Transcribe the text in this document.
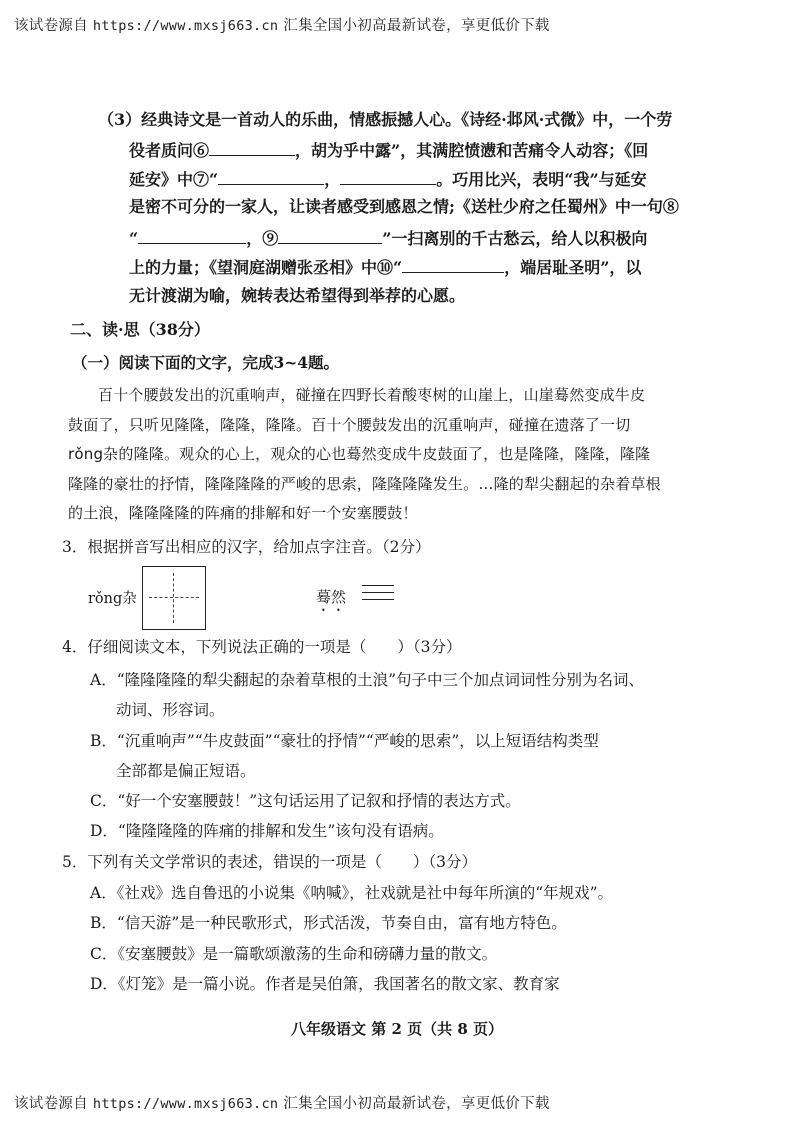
该试卷源自 https://www.mxsj663.cn 汇集全国小初高最新试卷，享更低价下载
（3）经典诗文是一首动人的乐曲，情感振撼人心。《诗经·邶风·式微》中，一个劳
役者质问⑥	，胡为乎中露”，其满腔愤懑和苦痛令人动容；《回
延安》中⑦“	，	。巧用比兴，表明“我”与延安
是密不可分的一家人，让读者感受到感恩之情;《送杜少府之任蜀州》中一句⑧
“	，⑨	”一扫离别的千古愁云，给人以积极向
上的力量；《望洞庭湖赠张丞相》中⑩“	，端居耻圣明”，以
无计渡湖为喻，婉转表达希望得到举荐的心愿。
二、读·思（38分）
（一）阅读下面的文字，完成3~4题。
百十个腰鼓发出的沉重响声，碰撞在四野长着酸枣树的山崖上，山崖蓦然变成牛皮
鼓面了，只听见隆隆，隆隆，隆隆。百十个腰鼓发出的沉重响声，碰撞在遗落了一切
rǒng杂的隆隆。观众的心上，观众的心也蓦然变成牛皮鼓面了，也是隆隆，隆隆，隆隆
隆隆的豪壮的抒情，隆隆隆隆的严峻的思索，隆隆隆隆发生。…隆的犁尖翻起的杂着草根
的土浪，隆隆隆隆的阵痛的排解和好一个安塞腰鼓！
3．根据拼音写出相应的汉字，给加点字注音。（2分）
rǒng杂	蓦然
4．仔细阅读文本，下列说法正确的一项是（　　）（3分）
A．“隆隆隆隆的犁尖翻起的杂着草根的土浪”句子中三个加点词词性分别为名词、
动词、形容词。
B．“沉重响声”“牛皮鼓面”“豪壮的抒情”“严峻的思索”，以上短语结构类型
全部都是偏正短语。
C．“好一个安塞腰鼓！”这句话运用了记叙和抒情的表达方式。
D．“隆隆隆隆的阵痛的排解和发生”该句没有语病。
5．下列有关文学常识的表述，错误的一项是（　　）（3分）
A．《社戏》选自鲁迅的小说集《呐喊》，社戏就是社中每年所演的“年规戏”。
B．“信天游”是一种民歌形式，形式活泼，节奏自由，富有地方特色。
C．《安塞腰鼓》是一篇歌颂激荡的生命和磅礴力量的散文。
D．《灯笼》是一篇小说。作者是吴伯箫，我国著名的散文家、教育家
八年级语文 第 2 页（共 8 页）
该试卷源自 https://www.mxsj663.cn 汇集全国小初高最新试卷，享更低价下载
